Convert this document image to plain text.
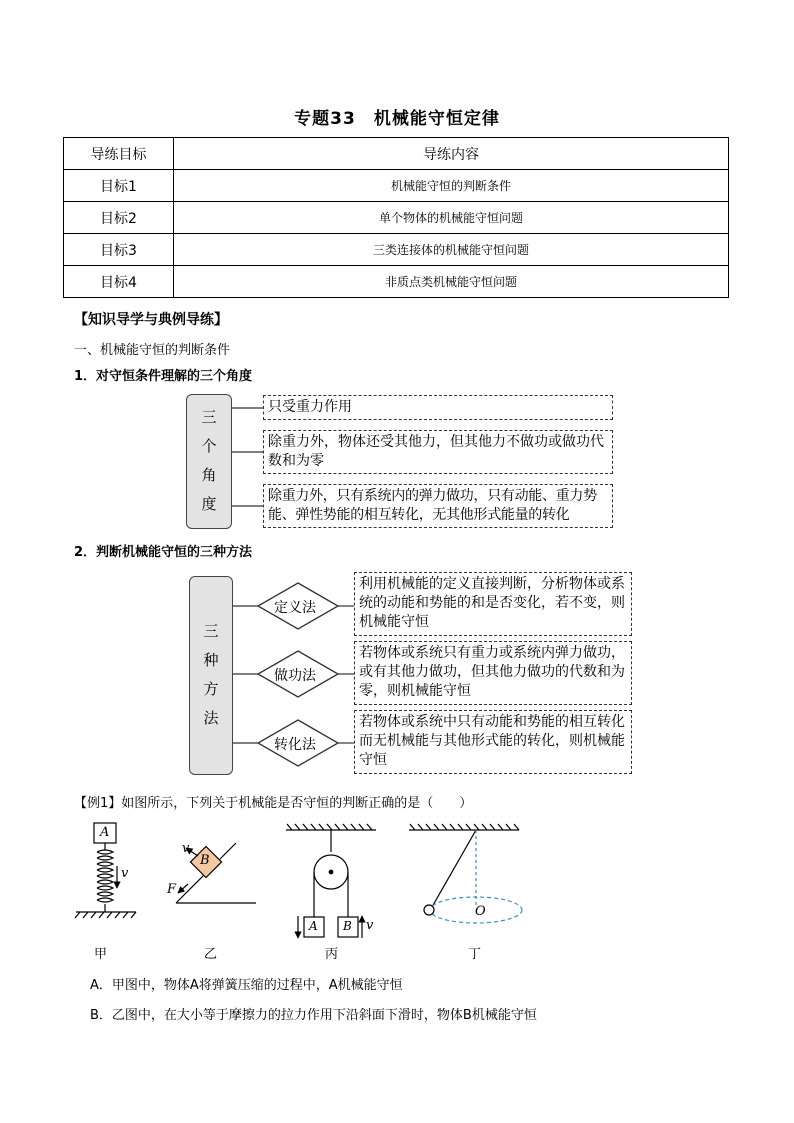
专题33　机械能守恒定律
导练目标	导练内容
目标1	机械能守恒的判断条件
目标2	单个物体的机械能守恒问题
目标3	三类连接体的机械能守恒问题
目标4	非质点类机械能守恒问题
【知识导学与典例导练】
一、机械能守恒的判断条件
1．对守恒条件理解的三个角度
三
个
角
度
只受重力作用
除重力外，物体还受其他力，但其他力不做功或做功代数和为零
除重力外，只有系统内的弹力做功，只有动能、重力势能、弹性势能的相互转化，无其他形式能量的转化
2．判断机械能守恒的三种方法
三
种
方
法
定义法
做功法
转化法
利用机械能的定义直接判断，分析物体或系统的动能和势能的和是否变化，若不变，则机械能守恒
若物体或系统只有重力或系统内弹力做功，或有其他力做功，但其他力做功的代数和为零，则机械能守恒
若物体或系统中只有动能和势能的相互转化而无机械能与其他形式能的转化，则机械能守恒
【例1】如图所示，下列关于机械能是否守恒的判断正确的是（　　）
A
v
B
v
F
A B v
O
甲	乙	丙	丁
A．甲图中，物体A将弹簧压缩的过程中，A机械能守恒
B．乙图中，在大小等于摩擦力的拉力作用下沿斜面下滑时，物体B机械能守恒
